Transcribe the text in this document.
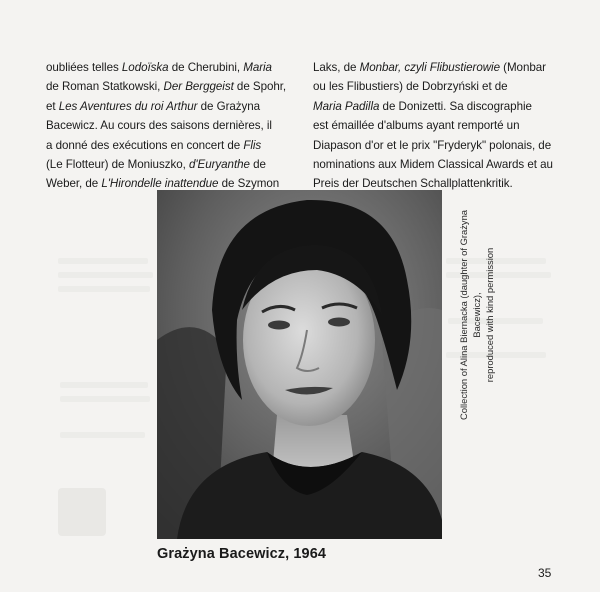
oubliées telles Lodoïska de Cherubini, Maria

de Roman Statkowski, Der Berggeist de Spohr,

et Les Aventures du roi Arthur de Grażyna

Bacewicz. Au cours des saisons dernières, il

a donné des exécutions en concert de Flis

(Le Flotteur) de Moniuszko, d'Euryanthe de

Weber, de L'Hirondelle inattendue de Szymon

Laks, de Monbar, czyli Flibustierowie (Monbar

ou les Flibustiers) de Dobrzyński et de

Maria Padilla de Donizetti. Sa discographie

est émaillée d'albums ayant remporté un

Diapason d'or et le prix "Fryderyk" polonais, de

nominations aux Midem Classical Awards et au

Preis der Deutschen Schallplattenkritik.

Collection of Alina Biernacka (daughter of Grażyna Bacewicz), reproduced with kind permission
Grażyna Bacewicz, 1964
35
